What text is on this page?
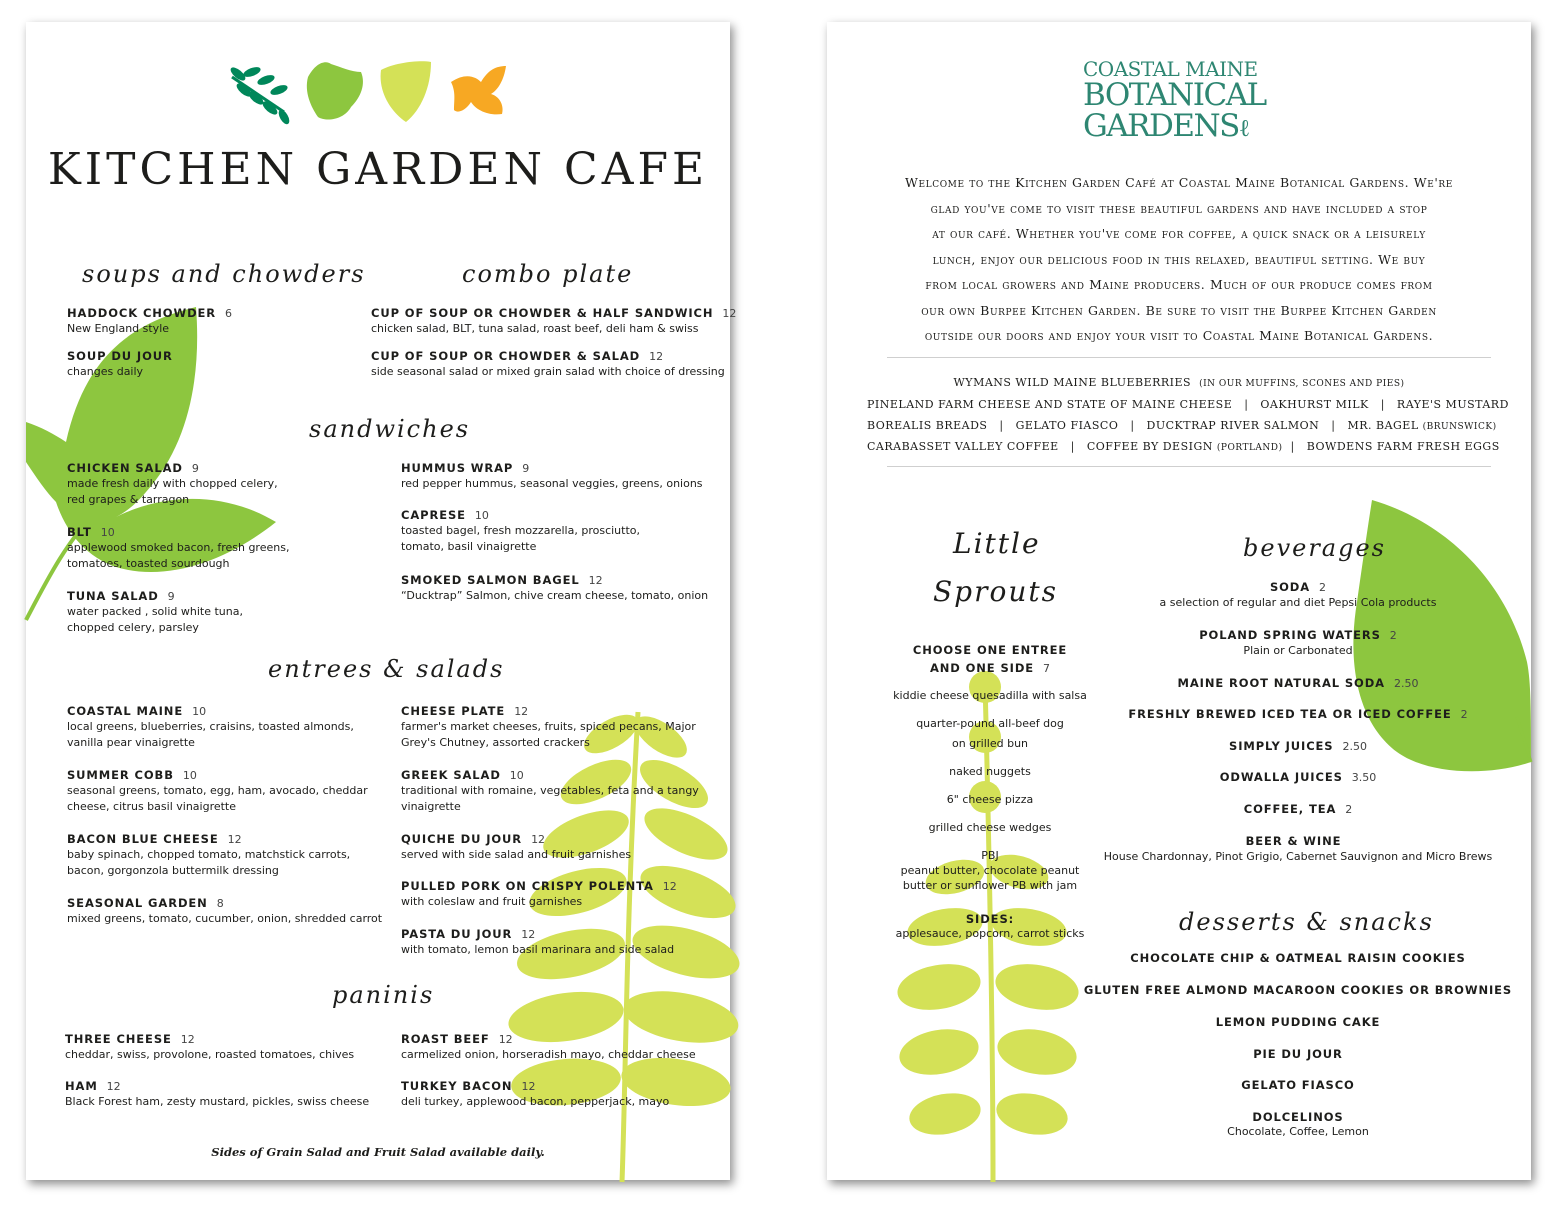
KITCHEN GARDEN CAFE
soups and chowders	combo plate
sandwiches
entrees & salads
paninis
HADDOCK CHOWDER 6
New England style
SOUP DU JOUR
changes daily
CUP OF SOUP OR CHOWDER & HALF SANDWICH 12
chicken salad, BLT, tuna salad, roast beef, deli ham & swiss
CUP OF SOUP OR CHOWDER & SALAD 12
side seasonal salad or mixed grain salad with choice of dressing
CHICKEN SALAD 9
made fresh daily with chopped celery,
red grapes & tarragon
BLT 10
applewood smoked bacon, fresh greens,
tomatoes, toasted sourdough
TUNA SALAD 9
water packed , solid white tuna,
chopped celery, parsley
HUMMUS WRAP 9
red pepper hummus, seasonal veggies, greens, onions
CAPRESE 10
toasted bagel, fresh mozzarella, prosciutto,
tomato, basil vinaigrette
SMOKED SALMON BAGEL 12
“Ducktrap” Salmon, chive cream cheese, tomato, onion
COASTAL MAINE 10
local greens, blueberries, craisins, toasted almonds,
vanilla pear vinaigrette
SUMMER COBB 10
seasonal greens, tomato, egg, ham, avocado, cheddar
cheese, citrus basil vinaigrette
BACON BLUE CHEESE 12
baby spinach, chopped tomato, matchstick carrots,
bacon, gorgonzola buttermilk dressing
SEASONAL GARDEN 8
mixed greens, tomato, cucumber, onion, shredded carrot
CHEESE PLATE 12
farmer's market cheeses, fruits, spiced pecans, Major
Grey's Chutney, assorted crackers
GREEK SALAD 10
traditional with romaine, vegetables, feta and a tangy
vinaigrette
QUICHE DU JOUR 12
served with side salad and fruit garnishes
PULLED PORK ON CRISPY POLENTA 12
with coleslaw and fruit garnishes
PASTA DU JOUR 12
with tomato, lemon basil marinara and side salad
THREE CHEESE 12
cheddar, swiss, provolone, roasted tomatoes, chives
HAM 12
Black Forest ham, zesty mustard, pickles, swiss cheese
ROAST BEEF 12
carmelized onion, horseradish mayo, cheddar cheese
TURKEY BACON 12
deli turkey, applewood bacon, pepperjack, mayo
Sides of Grain Salad and Fruit Salad available daily.
COASTAL MAINE
BOTANICAL
GARDENSℓ
Welcome to the Kitchen Garden Café at Coastal Maine Botanical Gardens. We're
glad you've come to visit these beautiful gardens and have included a stop
at our café. Whether you've come for coffee, a quick snack or a leisurely
lunch, enjoy our delicious food in this relaxed, beautiful setting. We buy
from local growers and Maine producers. Much of our produce comes from
our own Burpee Kitchen Garden. Be sure to visit the Burpee Kitchen Garden
outside our doors and enjoy your visit to Coastal Maine Botanical Gardens.
WYMANS WILD MAINE BLUEBERRIES (IN OUR MUFFINS, SCONES AND PIES)
PINELAND FARM CHEESE AND STATE OF MAINE CHEESE   |   OAKHURST MILK   |   RAYE'S MUSTARD
BOREALIS BREADS   |   GELATO FIASCO   |   DUCKTRAP RIVER SALMON   |   MR. BAGEL (BRUNSWICK)
CARABASSET VALLEY COFFEE   |   COFFEE BY DESIGN (PORTLAND) |   BOWDENS FARM FRESH EGGS
Little
Sprouts
CHOOSE ONE ENTREE
AND ONE SIDE 7
kiddie cheese quesadilla with salsa
quarter-pound all-beef dog
on grilled bun
naked nuggets
6" cheese pizza
grilled cheese wedges
PBJ
peanut butter, chocolate peanut
butter or sunflower PB with jam
SIDES:
applesauce, popcorn, carrot sticks
beverages
SODA 2
a selection of regular and diet Pepsi Cola products
POLAND SPRING WATERS 2
Plain or Carbonated
MAINE ROOT NATURAL SODA 2.50
FRESHLY BREWED ICED TEA OR ICED COFFEE 2
SIMPLY JUICES 2.50
ODWALLA JUICES 3.50
COFFEE, TEA 2
BEER & WINE
House Chardonnay, Pinot Grigio, Cabernet Sauvignon and Micro Brews
desserts & snacks
CHOCOLATE CHIP & OATMEAL RAISIN COOKIES
GLUTEN FREE ALMOND MACAROON COOKIES OR BROWNIES
LEMON PUDDING CAKE
PIE DU JOUR
GELATO FIASCO
DOLCELINOS
Chocolate, Coffee, Lemon
